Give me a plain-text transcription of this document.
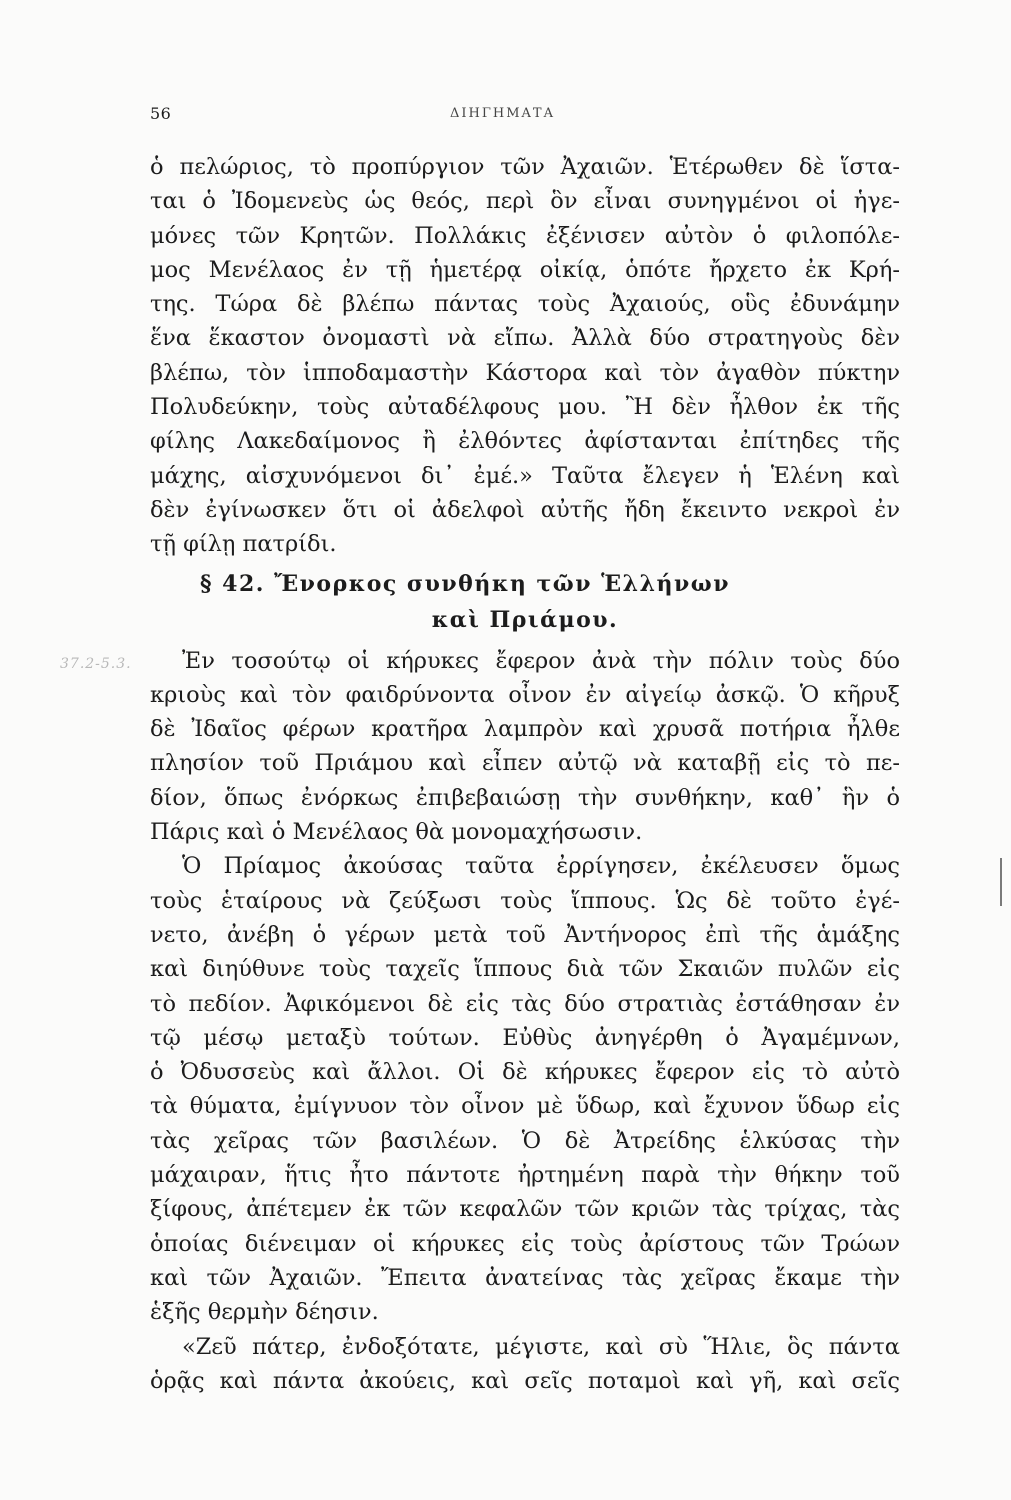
56	ΔΙΗΓΗΜΑΤΑ
37.2-5.3.
ὁ πελώριος, τὸ προπύργιον τῶν Ἀχαιῶν. Ἑτέρωθεν δὲ ἵστα-
ται ὁ Ἰδομενεὺς ὡς θεός, περὶ ὃν εἶναι συνηγμένοι οἱ ἡγε-
μόνες τῶν Κρητῶν. Πολλάκις ἐξένισεν αὐτὸν ὁ φιλοπόλε-
μος Μενέλαος ἐν τῇ ἡμετέρᾳ οἰκίᾳ, ὁπότε ἤρχετο ἐκ Κρή-
της. Τώρα δὲ βλέπω πάντας τοὺς Ἀχαιούς, οὓς ἐδυνάμην
ἕνα ἕκαστον ὀνομαστὶ νὰ εἴπω. Ἀλλὰ δύο στρατηγοὺς δὲν
βλέπω, τὸν ἱπποδαμαστὴν Κάστορα καὶ τὸν ἀγαθὸν πύκτην
Πολυδεύκην, τοὺς αὐταδέλφους μου. Ἢ δὲν ἦλθον ἐκ τῆς
φίλης Λακεδαίμονος ἢ ἐλθόντες ἀφίστανται ἐπίτηδες τῆς
μάχης, αἰσχυνόμενοι δι᾽ ἐμέ.» Ταῦτα ἔλεγεν ἡ Ἑλένη καὶ
δὲν ἐγίνωσκεν ὅτι οἱ ἀδελφοὶ αὐτῆς ἤδη ἔκειντο νεκροὶ ἐν
τῇ φίλῃ πατρίδι.
§ 42. Ἔνορκος συνθήκη τῶν Ἑλλήνων
καὶ Πριάμου.
Ἐν τοσούτῳ οἱ κήρυκες ἔφερον ἀνὰ τὴν πόλιν τοὺς δύο
κριοὺς καὶ τὸν φαιδρύνοντα οἶνον ἐν αἰγείῳ ἀσκῷ. Ὁ κῆρυξ
δὲ Ἰδαῖος φέρων κρατῆρα λαμπρὸν καὶ χρυσᾶ ποτήρια ἦλθε
πλησίον τοῦ Πριάμου καὶ εἶπεν αὐτῷ νὰ καταβῇ εἰς τὸ πε-
δίον, ὅπως ἐνόρκως ἐπιβεβαιώσῃ τὴν συνθήκην, καθ᾽ ἣν ὁ
Πάρις καὶ ὁ Μενέλαος θὰ μονομαχήσωσιν.
Ὁ Πρίαμος ἀκούσας ταῦτα ἐρρίγησεν, ἐκέλευσεν ὅμως
τοὺς ἑταίρους νὰ ζεύξωσι τοὺς ἵππους. Ὡς δὲ τοῦτο ἐγέ-
νετο, ἀνέβη ὁ γέρων μετὰ τοῦ Ἀντήνορος ἐπὶ τῆς ἁμάξης
καὶ διηύθυνε τοὺς ταχεῖς ἵππους διὰ τῶν Σκαιῶν πυλῶν εἰς
τὸ πεδίον. Ἀφικόμενοι δὲ εἰς τὰς δύο στρατιὰς ἐστάθησαν ἐν
τῷ μέσῳ μεταξὺ τούτων. Εὐθὺς ἀνηγέρθη ὁ Ἀγαμέμνων,
ὁ Ὀδυσσεὺς καὶ ἄλλοι. Οἱ δὲ κήρυκες ἔφερον εἰς τὸ αὐτὸ
τὰ θύματα, ἐμίγνυον τὸν οἶνον μὲ ὕδωρ, καὶ ἔχυνον ὕδωρ εἰς
τὰς χεῖρας τῶν βασιλέων. Ὁ δὲ Ἀτρείδης ἑλκύσας τὴν
μάχαιραν, ἥτις ἦτο πάντοτε ἠρτημένη παρὰ τὴν θήκην τοῦ
ξίφους, ἀπέτεμεν ἐκ τῶν κεφαλῶν τῶν κριῶν τὰς τρίχας, τὰς
ὁποίας διένειμαν οἱ κήρυκες εἰς τοὺς ἀρίστους τῶν Τρώων
καὶ τῶν Ἀχαιῶν. Ἔπειτα ἀνατείνας τὰς χεῖρας ἔκαμε τὴν
ἑξῆς θερμὴν δέησιν.
«Ζεῦ πάτερ, ἐνδοξότατε, μέγιστε, καὶ σὺ Ἥλιε, ὃς πάντα
ὁρᾷς καὶ πάντα ἀκούεις, καὶ σεῖς ποταμοὶ καὶ γῆ, καὶ σεῖς
